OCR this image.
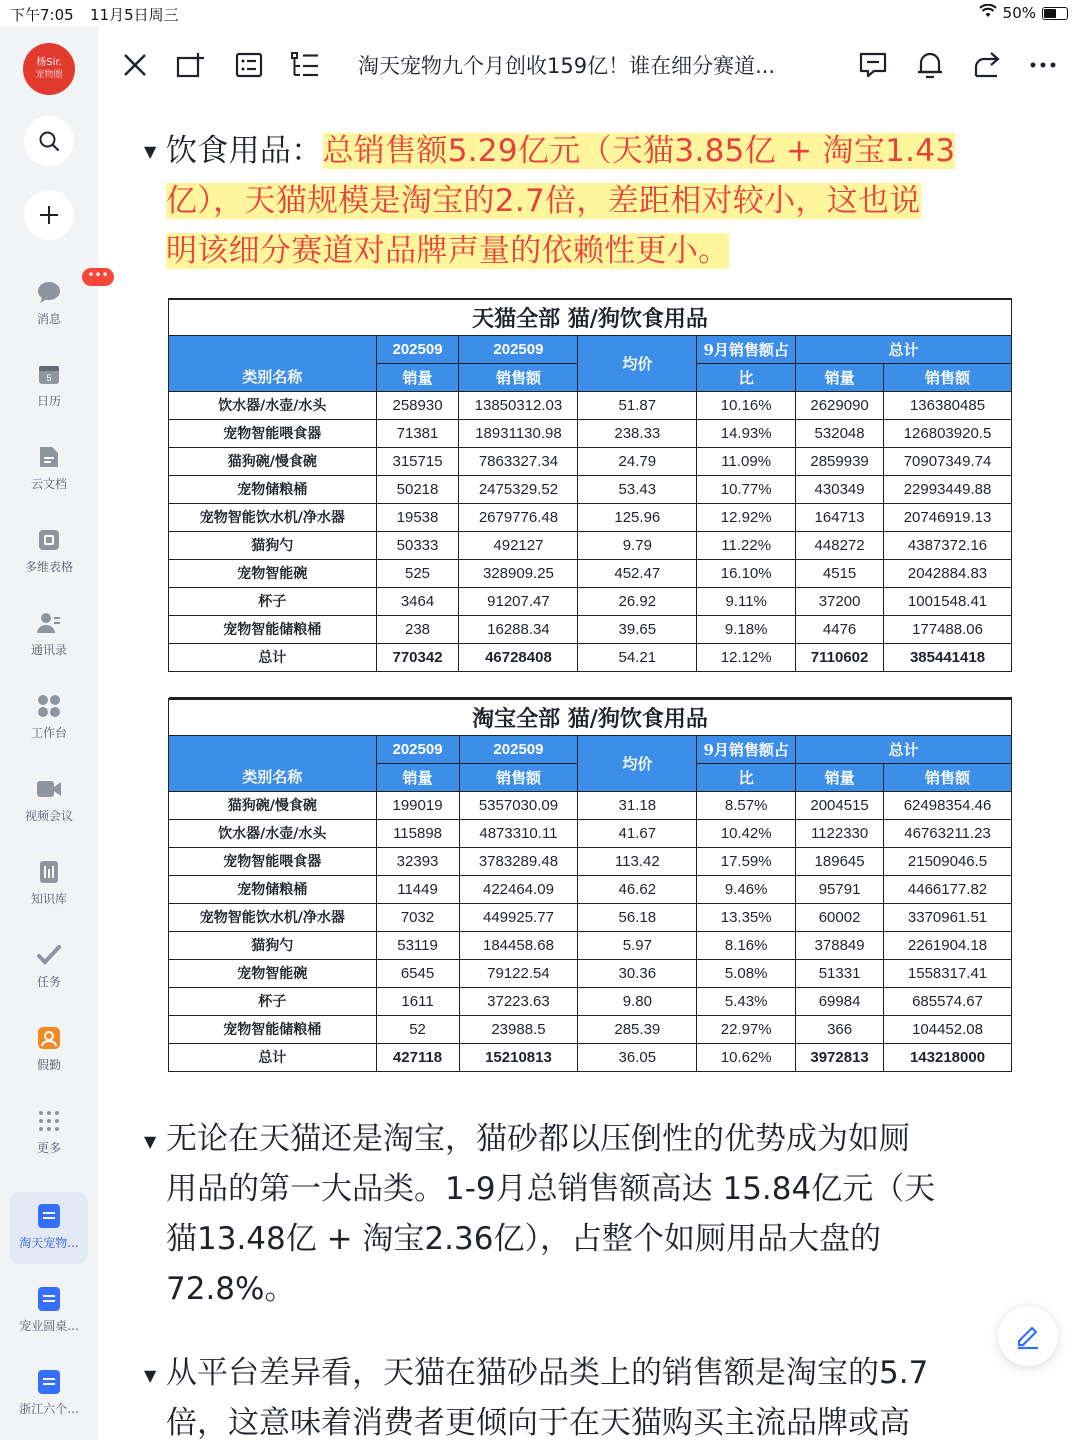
下午7:05 11月5日周三	50%
杨Sir.
宠物圈
•••
消息
5
日历
云文档
多维表格
通讯录
工作台
视频会议
知识库
任务
假勤
更多
淘天宠物...
宠业圆桌...
浙江六个...
淘天宠物九个月创收159亿！谁在细分赛道...
▼ 饮食用品：总销售额5.29亿元（天猫3.85亿 + 淘宝1.43
亿），天猫规模是淘宝的2.7倍，差距相对较小，这也说
明该细分赛道对品牌声量的依赖性更小。
天猫全部 猫/狗饮食用品						
类别名称	202509	202509	均价	9月销售额占	总计	
	销量	销售额		比	销量	销售额
饮水器/水壶/水头	258930	13850312.03	51.87	10.16%	2629090	136380485
宠物智能喂食器	71381	18931130.98	238.33	14.93%	532048	126803920.5
猫狗碗/慢食碗	315715	7863327.34	24.79	11.09%	2859939	70907349.74
宠物储粮桶	50218	2475329.52	53.43	10.77%	430349	22993449.88
宠物智能饮水机/净水器	19538	2679776.48	125.96	12.92%	164713	20746919.13
猫狗勺	50333	492127	9.79	11.22%	448272	4387372.16
宠物智能碗	525	328909.25	452.47	16.10%	4515	2042884.83
杯子	3464	91207.47	26.92	9.11%	37200	1001548.41
宠物智能储粮桶	238	16288.34	39.65	9.18%	4476	177488.06
总计	770342	46728408	54.21	12.12%	7110602	385441418

淘宝全部 猫/狗饮食用品						
类别名称	202509	202509	均价	9月销售额占	总计	
	销量	销售额		比	销量	销售额
猫狗碗/慢食碗	199019	5357030.09	31.18	8.57%	2004515	62498354.46
饮水器/水壶/水头	115898	4873310.11	41.67	10.42%	1122330	46763211.23
宠物智能喂食器	32393	3783289.48	113.42	17.59%	189645	21509046.5
宠物储粮桶	11449	422464.09	46.62	9.46%	95791	4466177.82
宠物智能饮水机/净水器	7032	449925.77	56.18	13.35%	60002	3370961.51
猫狗勺	53119	184458.68	5.97	8.16%	378849	2261904.18
宠物智能碗	6545	79122.54	30.36	5.08%	51331	1558317.41
杯子	1611	37223.63	9.80	5.43%	69984	685574.67
宠物智能储粮桶	52	23988.5	285.39	22.97%	366	104452.08
总计	427118	15210813	36.05	10.62%	3972813	143218000
▼ 无论在天猫还是淘宝，猫砂都以压倒性的优势成为如厕
用品的第一大品类。1-9月总销售额高达 15.84亿元（天
猫13.48亿 + 淘宝2.36亿），占整个如厕用品大盘的
72.8%。
▼ 从平台差异看，天猫在猫砂品类上的销售额是淘宝的5.7
倍，这意味着消费者更倾向于在天猫购买主流品牌或高
